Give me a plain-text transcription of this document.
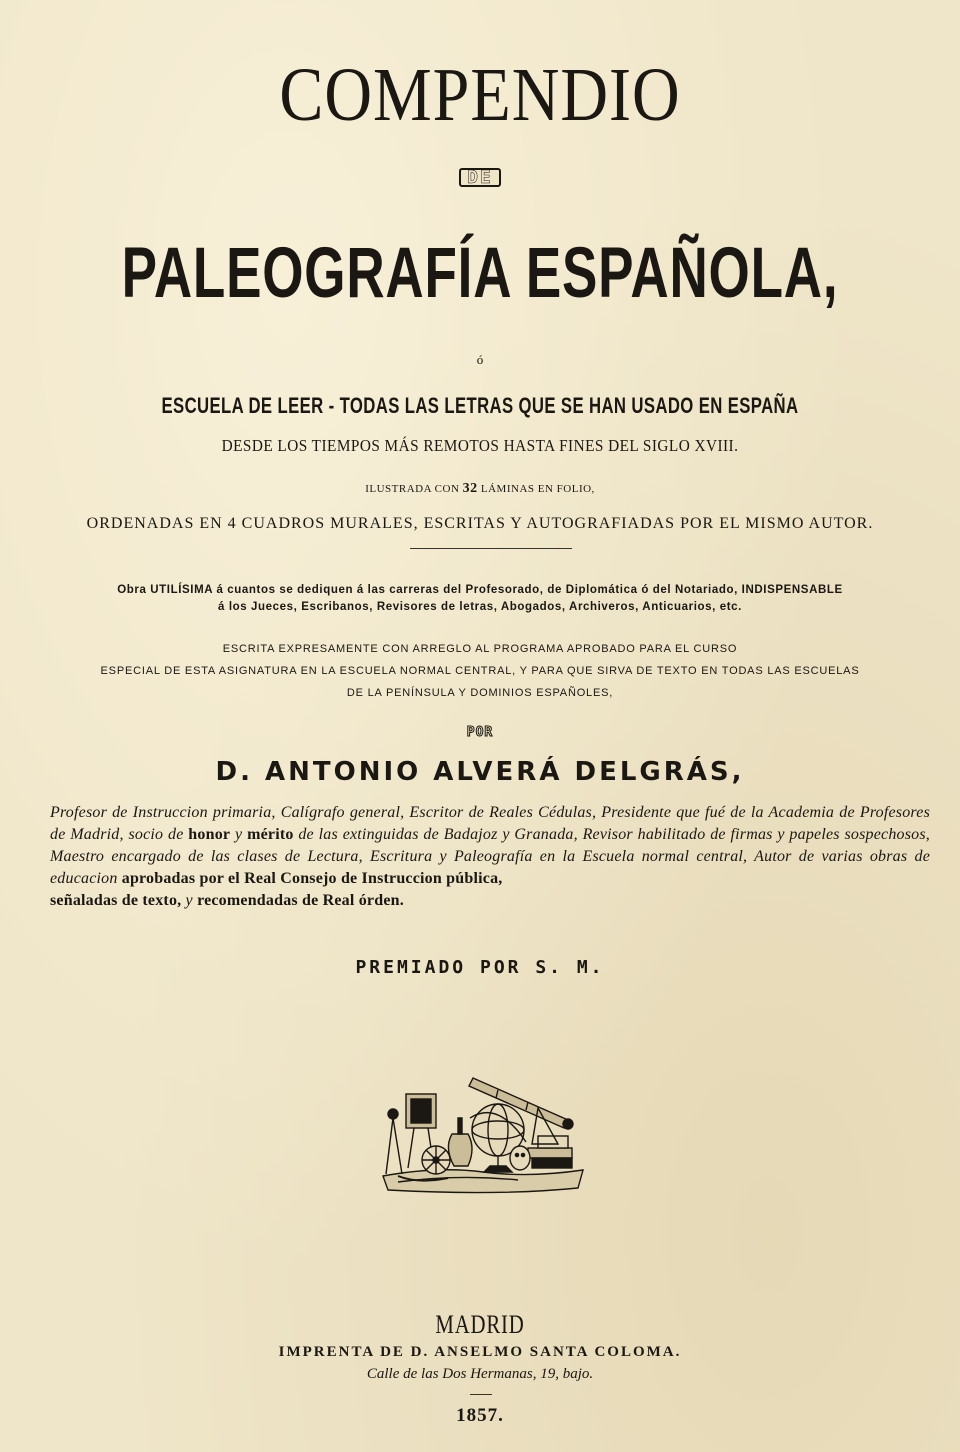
COMPENDIO
DE
PALEOGRAFÍA ESPAÑOLA,
ó
ESCUELA DE LEER - TODAS LAS LETRAS QUE SE HAN USADO EN ESPAÑA
DESDE LOS TIEMPOS MÁS REMOTOS HASTA FINES DEL SIGLO XVIII.
ILUSTRADA CON 32 LÁMINAS EN FOLIO,
ORDENADAS EN 4 CUADROS MURALES, ESCRITAS Y AUTOGRAFIADAS POR EL MISMO AUTOR.
Obra UTILÍSIMA á cuantos se dediquen á las carreras del Profesorado, de Diplomática ó del Notariado, INDISPENSABLE
á los Jueces, Escribanos, Revisores de letras, Abogados, Archiveros, Anticuarios, etc.
ESCRITA EXPRESAMENTE CON ARREGLO AL PROGRAMA APROBADO PARA EL CURSO
ESPECIAL DE ESTA ASIGNATURA EN LA ESCUELA NORMAL CENTRAL, Y PARA QUE SIRVA DE TEXTO EN TODAS LAS ESCUELAS
DE LA PENÍNSULA Y DOMINIOS ESPAÑOLES,
POR
D. ANTONIO ALVERÁ DELGRÁS,
Profesor de Instruccion primaria, Calígrafo general, Escritor de Reales Cédulas, Presidente que fué de la Academia de Profesores de Madrid, socio de honor y mérito de las extinguidas de Badajoz y Granada, Revisor habilitado de firmas y papeles sospechosos, Maestro encargado de las clases de Lectura, Escritura y Paleografía en la Escuela normal central, Autor de varias obras de educacion aprobadas por el Real Consejo de Instruccion pública,
señaladas de texto, y recomendadas de Real órden.
PREMIADO POR S. M.
MADRID
IMPRENTA DE D. ANSELMO SANTA COLOMA.
Calle de las Dos Hermanas, 19, bajo.
1857.
